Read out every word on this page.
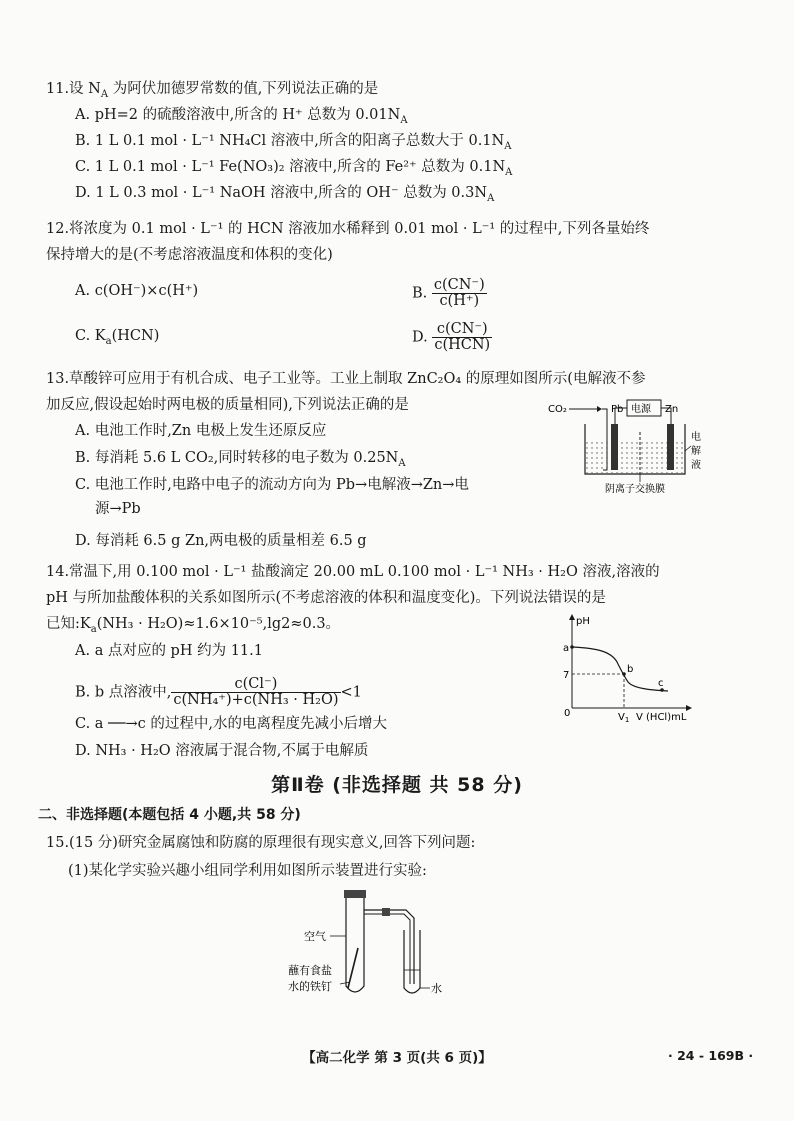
11.设 $N_A$ 为阿伏加德罗常数的值,下列说法正确的是
A. pH=2 的硫酸溶液中,所含的 H⁺ 总数为 $0.01N_A$
B. 1 L 0.1 mol · L⁻¹ NH₄Cl 溶液中,所含的阳离子总数大于 $0.1N_A$
C. 1 L 0.1 mol · L⁻¹ Fe(NO₃)₂ 溶液中,所含的 Fe²⁺ 总数为 $0.1N_A$
D. 1 L 0.3 mol · L⁻¹ NaOH 溶液中,所含的 OH⁻ 总数为 $0.3N_A$
12.将浓度为 0.1 mol · L⁻¹ 的 HCN 溶液加水稀释到 0.01 mol · L⁻¹ 的过程中,下列各量始终
保持增大的是(不考虑溶液温度和体积的变化)
A. c(OH⁻)×c(H⁺)	B. $\frac{c(CN^-)}{c(H^+)}$
C. $K_a(HCN)$	D. $\frac{c(CN^-)}{\text{c(HCN)}}$
13.草酸锌可应用于有机合成、电子工业等。工业上制取 ZnC₂O₄ 的原理如图所示(电解液不参
加反应,假设起始时两电极的质量相同),下列说法正确的是
A. 电池工作时,Zn 电极上发生还原反应
B. 每消耗 5.6 L CO₂,同时转移的电子数为 $0.25N_A$
C. 电池工作时,电路中电子的流动方向为 Pb→电解液→Zn→电
源→Pb
D. 每消耗 6.5 g Zn,两电极的质量相差 6.5 g
CO₂	Pb 电源 Zn
阴离子交换膜
电
解
液
14.常温下,用 0.100 mol · L⁻¹ 盐酸滴定 20.00 mL 0.100 mol · L⁻¹ NH₃ · H₂O 溶液,溶液的
pH 与所加盐酸体积的关系如图所示(不考虑溶液的体积和温度变化)。下列说法错误的是
已知$:K_a(NH_3 \cdot H_2O)\approx 1.6\times 10^{-5},\lg 2\approx 0.3$。
A. a 点对应的 pH 约为 11.1
B. b 点溶液中, $\frac{c(Cl^-)}{\text{c(NH₄⁺)+c(NH₃ · H₂O)}} <1$
C. a ──→c 的过程中,水的电离程度先减小后增大
D. NH₃ · H₂O 溶液属于混合物,不属于电解质
pH
a
7
0
b
c
$V_1$ V (HCl)mL
第Ⅱ卷 (非选择题 共 58 分)
二、非选择题(本题包括 4 小题,共 58 分)
15.(15 分)研究金属腐蚀和防腐的原理很有现实意义,回答下列问题:
(1)某化学实验兴趣小组同学利用如图所示装置进行实验:
空气
蘸有食盐
水的铁钉	水
【高二化学 第 3 页(共 6 页)】	· 24 - 169B ·
